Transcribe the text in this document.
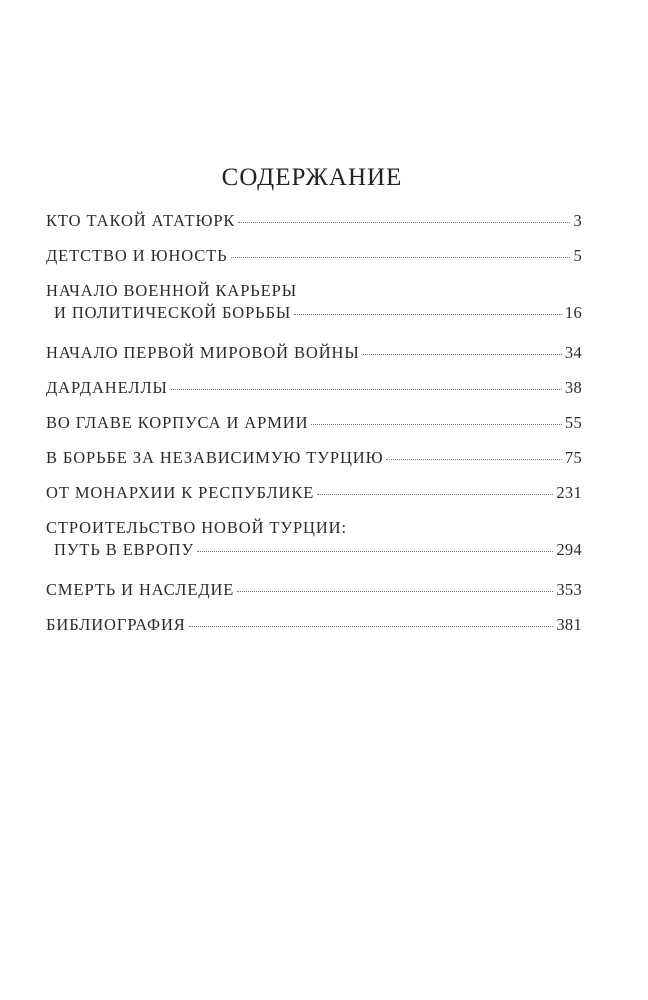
СОДЕРЖАНИЕ
КТО ТАКОЙ АТАТЮРК	3
ДЕТСТВО И ЮНОСТЬ	5
НАЧАЛО ВОЕННОЙ КАРЬЕРЫ
И ПОЛИТИЧЕСКОЙ БОРЬБЫ	16
НАЧАЛО ПЕРВОЙ МИРОВОЙ ВОЙНЫ	34
ДАРДАНЕЛЛЫ	38
ВО ГЛАВЕ КОРПУСА И АРМИИ	55
В БОРЬБЕ ЗА НЕЗАВИСИМУЮ ТУРЦИЮ	75
ОТ МОНАРХИИ К РЕСПУБЛИКЕ	231
СТРОИТЕЛЬСТВО НОВОЙ ТУРЦИИ:
ПУТЬ В ЕВРОПУ	294
СМЕРТЬ И НАСЛЕДИЕ	353
БИБЛИОГРАФИЯ	381
